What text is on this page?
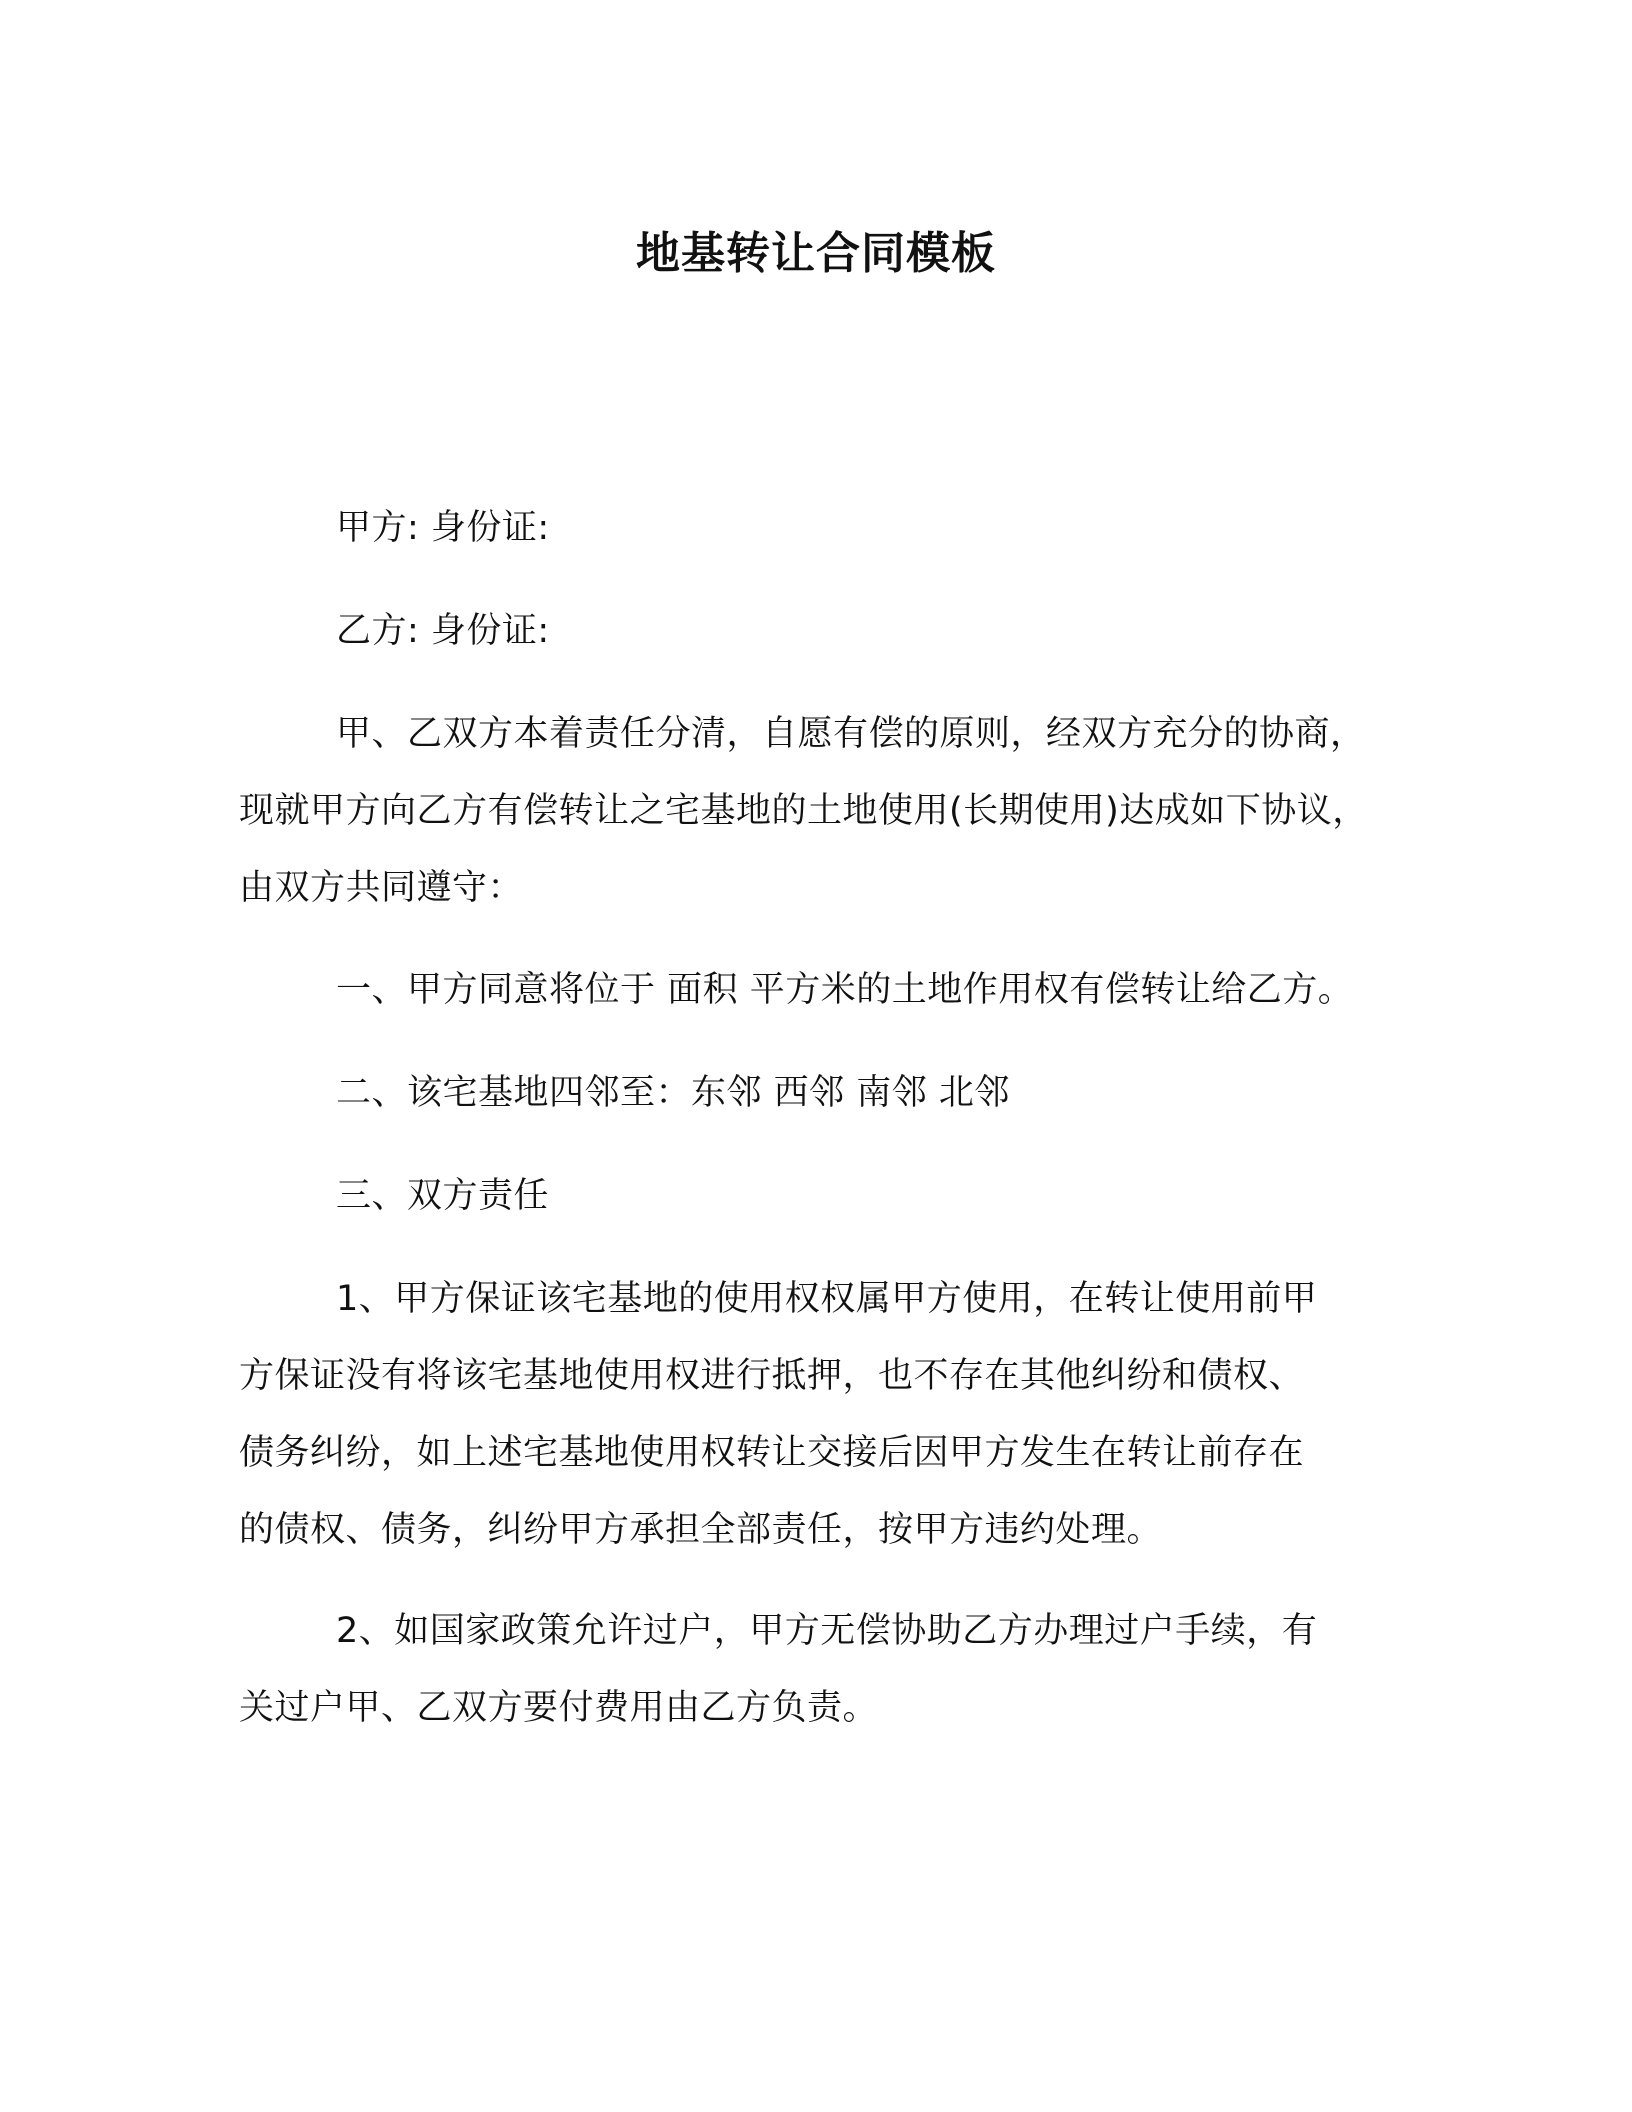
地基转让合同模板

甲方: 身份证:

乙方: 身份证:

甲、乙双方本着责任分清，自愿有偿的原则，经双方充分的协商，

现就甲方向乙方有偿转让之宅基地的土地使用(长期使用)达成如下协议，

由双方共同遵守：

一、甲方同意将位于 面积 平方米的土地作用权有偿转让给乙方。

二、该宅基地四邻至：东邻 西邻 南邻 北邻

三、双方责任

1、甲方保证该宅基地的使用权权属甲方使用，在转让使用前甲

方保证没有将该宅基地使用权进行抵押，也不存在其他纠纷和债权、

债务纠纷，如上述宅基地使用权转让交接后因甲方发生在转让前存在

的债权、债务，纠纷甲方承担全部责任，按甲方违约处理。

2、如国家政策允许过户，甲方无偿协助乙方办理过户手续，有

关过户甲、乙双方要付费用由乙方负责。
